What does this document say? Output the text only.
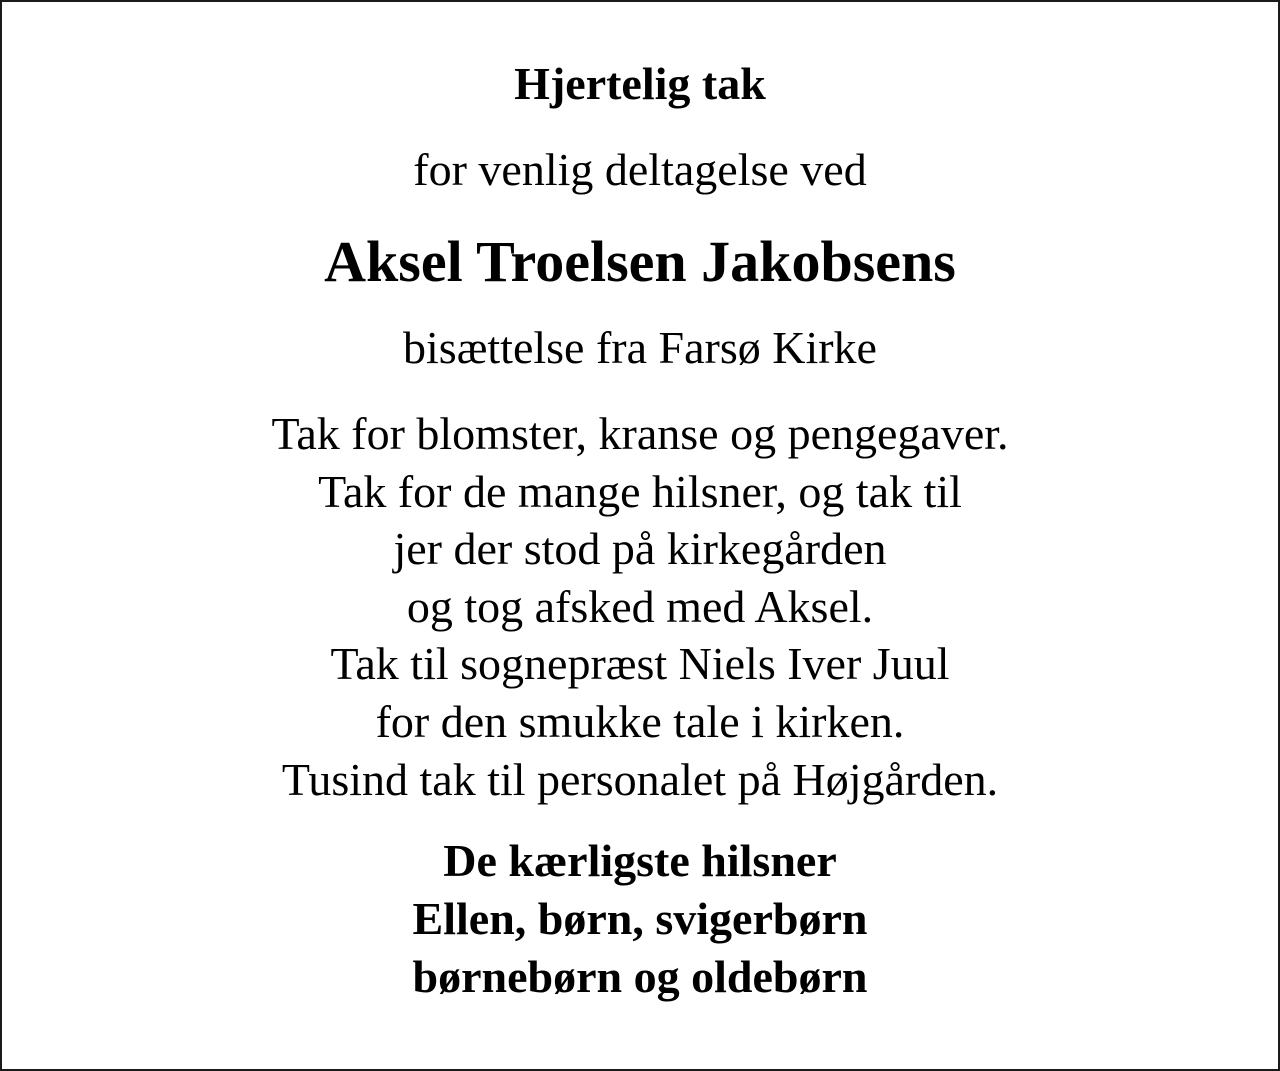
Hjertelig tak

for venlig deltagelse ved

Aksel Troelsen Jakobsens

bisættelse fra Farsø Kirke

Tak for blomster, kranse og pengegaver.
Tak for de mange hilsner, og tak til
jer der stod på kirkegården
og tog afsked med Aksel.
Tak til sognepræst Niels Iver Juul
for den smukke tale i kirken.
Tusind tak til personalet på Højgården.
De kærligste hilsner
Ellen, børn, svigerbørn
børnebørn og oldebørn
